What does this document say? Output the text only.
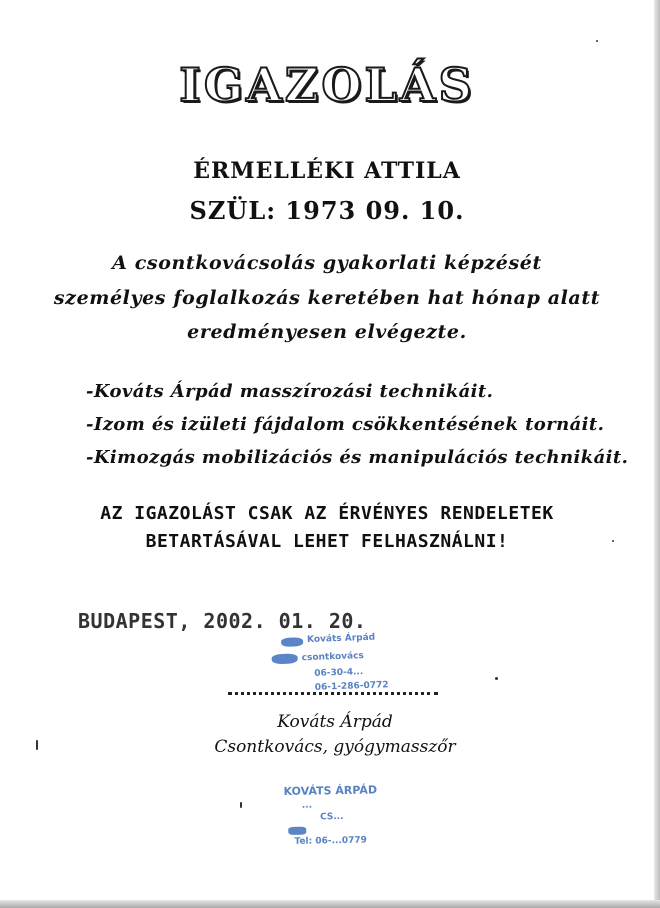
IGAZOLÁS
ÉRMELLÉKI ATTILA
SZÜL: 1973 09. 10.
A csontkovácsolás gyakorlati képzését
személyes foglalkozás keretében hat hónap alatt
eredményesen elvégezte.
-Kováts Árpád masszírozási technikáit.
-Izom és izületi fájdalom csökkentésének tornáit.
-Kimozgás mobilizációs és manipulációs technikáit.
AZ IGAZOLÁST CSAK AZ ÉRVÉNYES RENDELETEK
BETARTÁSÁVAL LEHET FELHASZNÁLNI!
BUDAPEST, 2002. 01. 20.
Kováts Árpád
csontkovács
06-30-4...
06-1-286-0772
Kováts Árpád
Csontkovács, gyógymasszőr
KOVÁTS ÁRPÁD
...
CS...
Tel: 06-...0779
